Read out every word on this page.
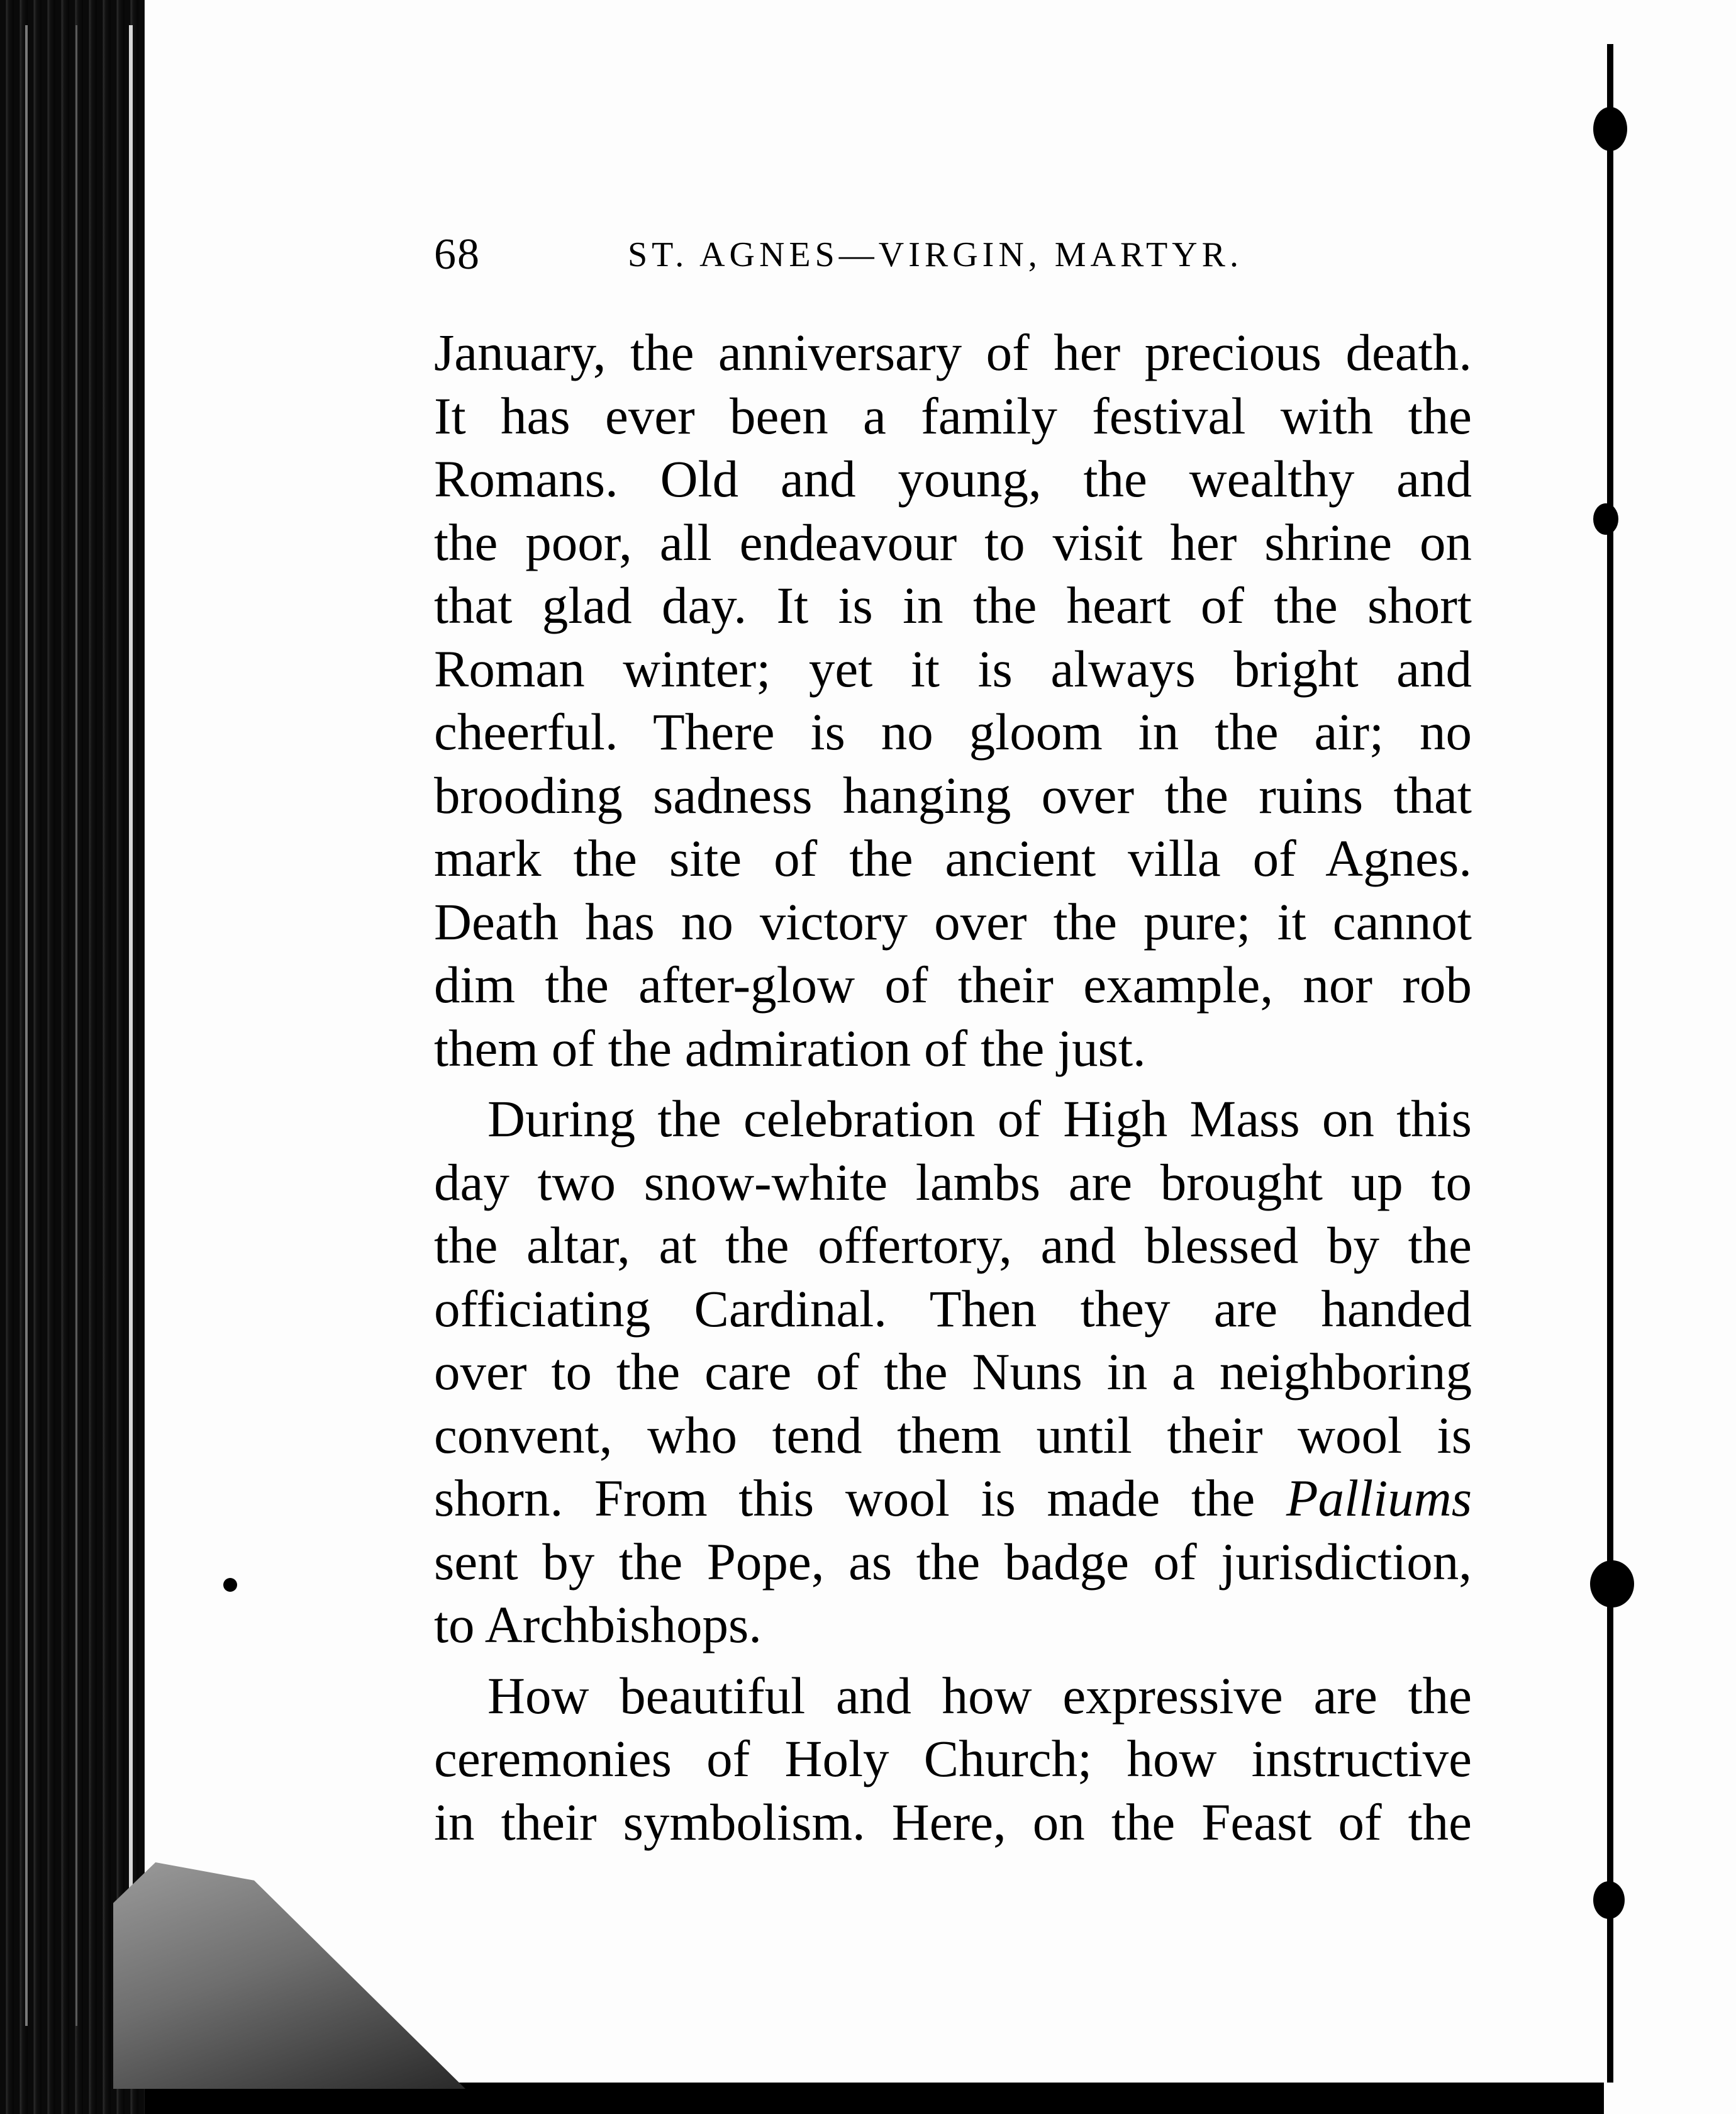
68	ST. AGNES—VIRGIN, MARTYR.
January, the anniversary of her precious death.
It has ever been a family festival with the
Romans. Old and young, the wealthy and
the poor, all endeavour to visit her shrine on
that glad day. It is in the heart of the short
Roman winter; yet it is always bright and
cheerful. There is no gloom in the air; no
brooding sadness hanging over the ruins that
mark the site of the ancient villa of Agnes.
Death has no victory over the pure; it cannot
dim the after-glow of their example, nor rob
them of the admiration of the just.
During the celebration of High Mass on this
day two snow-white lambs are brought up to
the altar, at the offertory, and blessed by the
officiating Cardinal. Then they are handed
over to the care of the Nuns in a neighboring
convent, who tend them until their wool is
shorn. From this wool is made the Palliums
sent by the Pope, as the badge of jurisdiction,
to Archbishops.
How beautiful and how expressive are the
ceremonies of Holy Church; how instructive
in their symbolism. Here, on the Feast of the
